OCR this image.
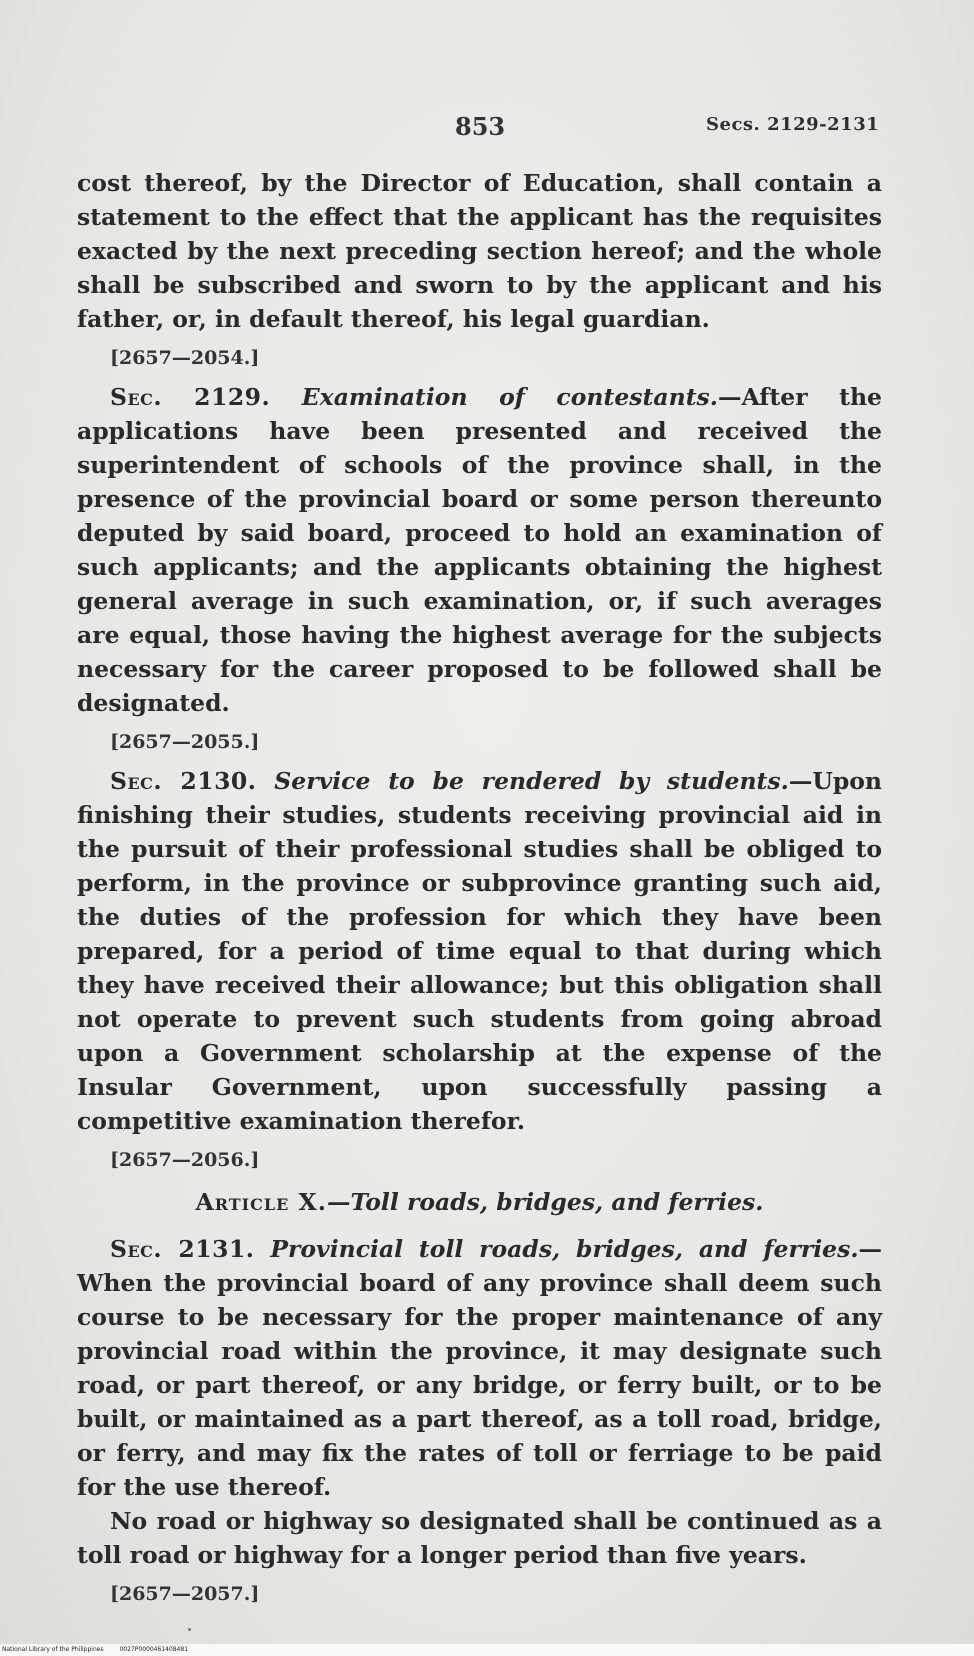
853	Secs. 2129-2131

cost thereof, by the Director of Education, shall contain a statement to the effect that the applicant has the requisites exacted by the next preceding section hereof; and the whole shall be subscribed and sworn to by the applicant and his father, or, in default thereof, his legal guardian.

[2657—2054.]

Sec. 2129. Examination of contestants.—After the applications have been presented and received the superintendent of schools of the province shall, in the presence of the provincial board or some person thereunto deputed by said board, proceed to hold an examination of such applicants; and the applicants obtaining the highest general average in such examination, or, if such averages are equal, those having the highest average for the subjects necessary for the career proposed to be followed shall be designated.

[2657—2055.]

Sec. 2130. Service to be rendered by students.—Upon finishing their studies, students receiving provincial aid in the pursuit of their professional studies shall be obliged to perform, in the province or subprovince granting such aid, the duties of the profession for which they have been prepared, for a period of time equal to that during which they have received their allowance; but this obligation shall not operate to prevent such students from going abroad upon a Government scholarship at the expense of the Insular Government, upon successfully passing a competitive examination therefor.

[2657—2056.]

Article X.—Toll roads, bridges, and ferries.

Sec. 2131. Provincial toll roads, bridges, and ferries.—When the provincial board of any province shall deem such course to be necessary for the proper maintenance of any provincial road within the province, it may designate such road, or part thereof, or any bridge, or ferry built, or to be built, or maintained as a part thereof, as a toll road, bridge, or ferry, and may fix the rates of toll or ferriage to be paid for the use thereof.

No road or highway so designated shall be continued as a toll road or highway for a longer period than five years.

[2657—2057.]

National Library of the Philippines	0027P0000461408481
